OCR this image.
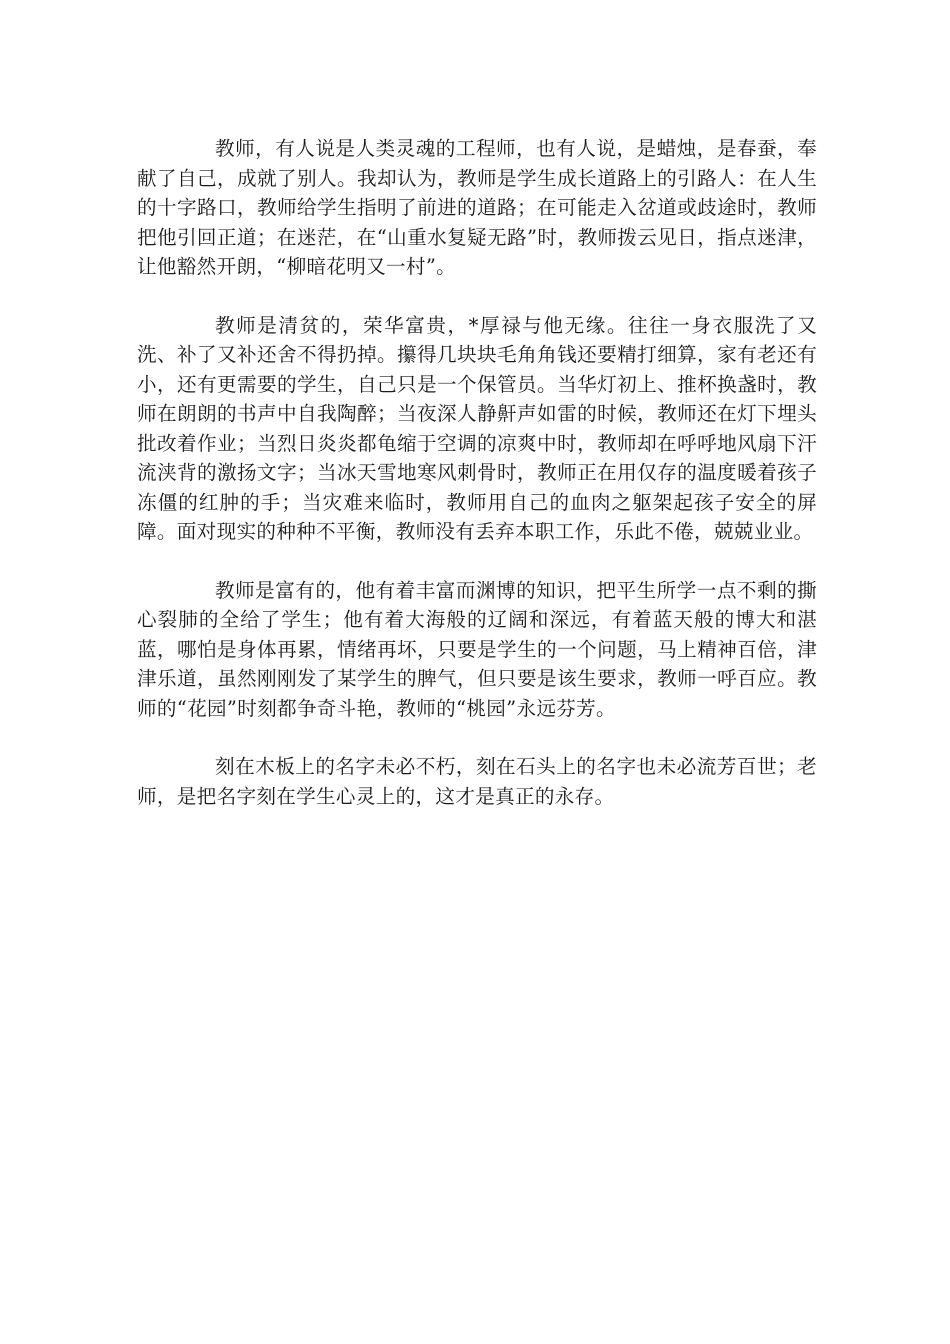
教师，有人说是人类灵魂的工程师，也有人说，是蜡烛，是春蚕，奉献了自己，成就了别人。我却认为，教师是学生成长道路上的引路人：在人生的十字路口，教师给学生指明了前进的道路；在可能走入岔道或歧途时，教师把他引回正道；在迷茫，在“山重水复疑无路”时，教师拨云见日，指点迷津，让他豁然开朗，“柳暗花明又一村”。

教师是清贫的，荣华富贵，*厚禄与他无缘。往往一身衣服洗了又洗、补了又补还舍不得扔掉。攥得几块块毛角角钱还要精打细算，家有老还有小，还有更需要的学生，自己只是一个保管员。当华灯初上、推杯换盏时，教师在朗朗的书声中自我陶醉；当夜深人静鼾声如雷的时候，教师还在灯下埋头批改着作业；当烈日炎炎都龟缩于空调的凉爽中时，教师却在呼呼地风扇下汗流浃背的激扬文字；当冰天雪地寒风刺骨时，教师正在用仅存的温度暖着孩子冻僵的红肿的手；当灾难来临时，教师用自己的血肉之躯架起孩子安全的屏障。面对现实的种种不平衡，教师没有丢弃本职工作，乐此不倦，兢兢业业。

教师是富有的，他有着丰富而渊博的知识，把平生所学一点不剩的撕心裂肺的全给了学生；他有着大海般的辽阔和深远，有着蓝天般的博大和湛蓝，哪怕是身体再累，情绪再坏，只要是学生的一个问题，马上精神百倍，津津乐道，虽然刚刚发了某学生的脾气，但只要是该生要求，教师一呼百应。教师的“花园”时刻都争奇斗艳，教师的“桃园”永远芬芳。

刻在木板上的名字未必不朽，刻在石头上的名字也未必流芳百世；老师，是把名字刻在学生心灵上的，这才是真正的永存。
